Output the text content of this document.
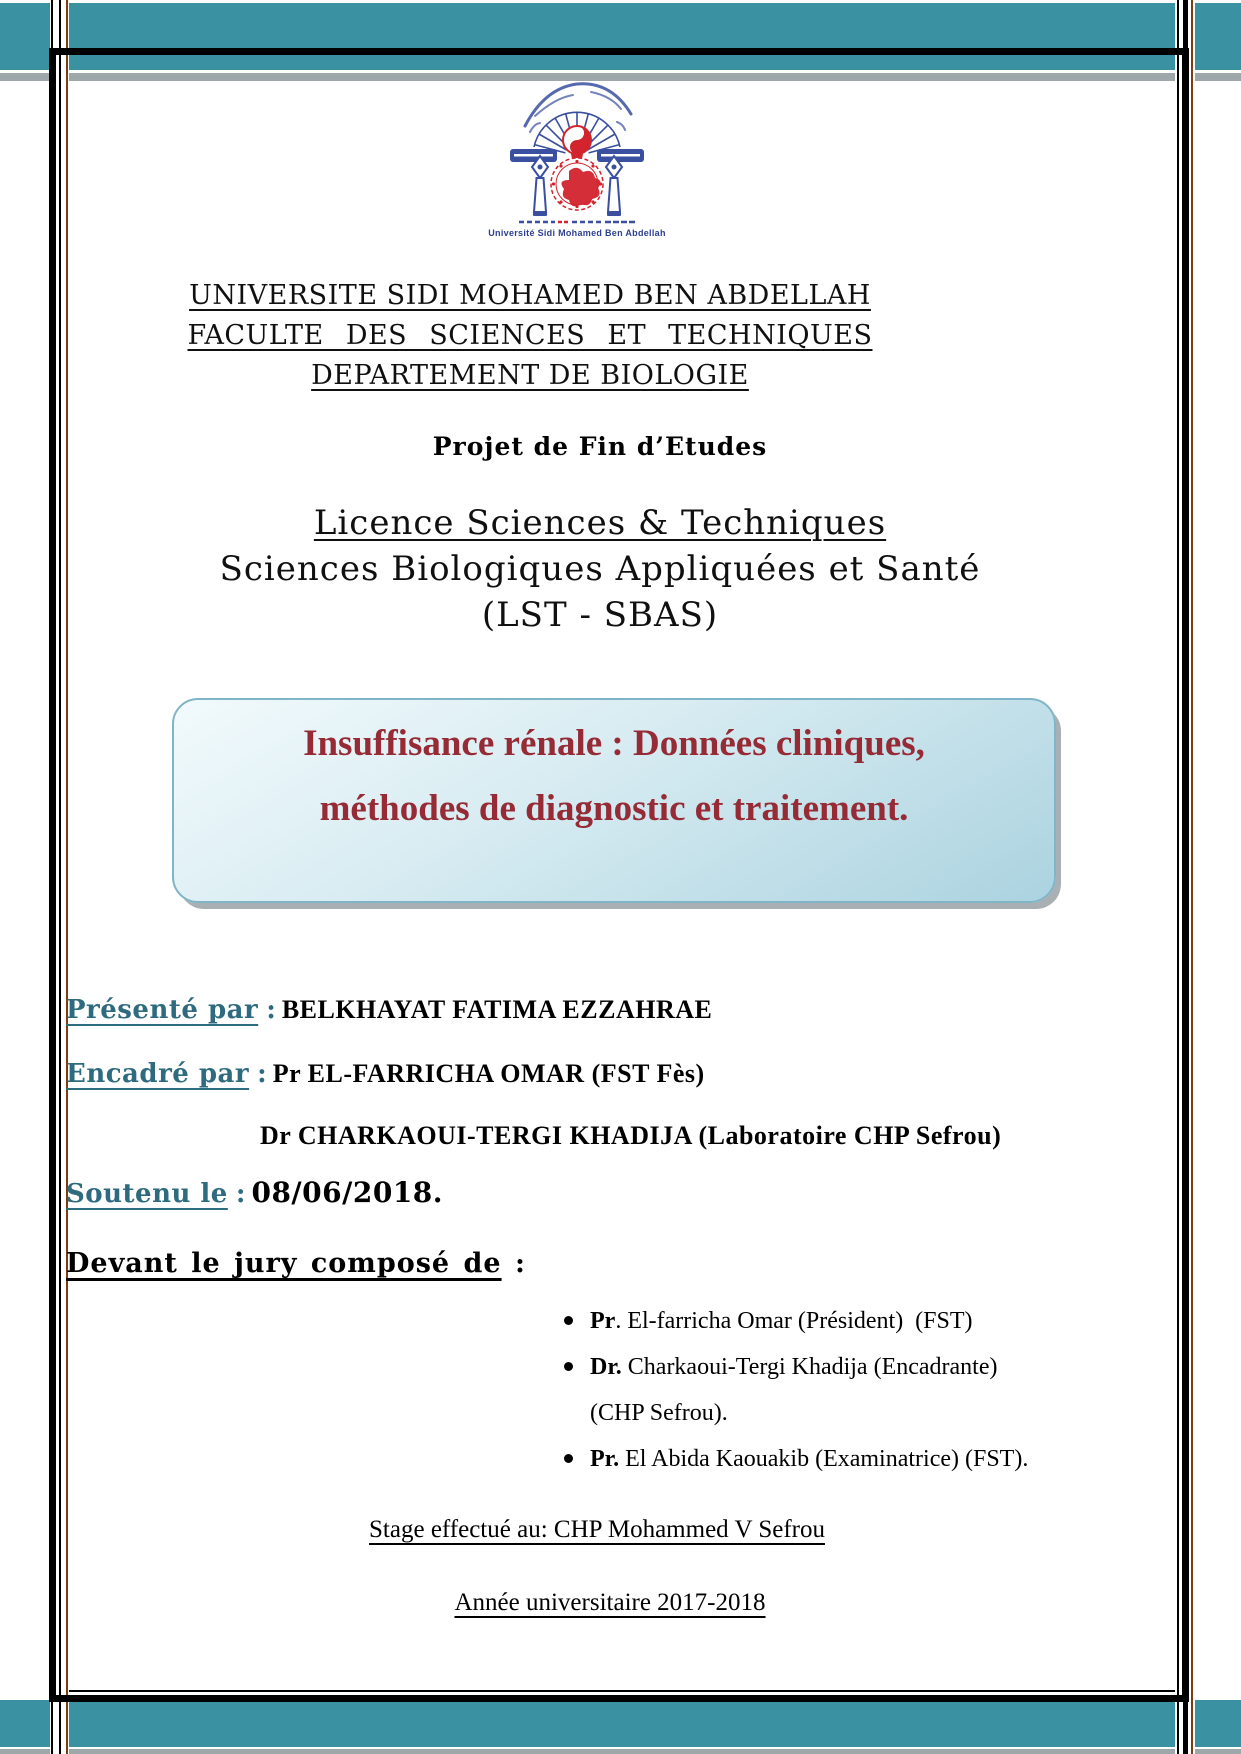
Université Sidi Mohamed Ben Abdellah
UNIVERSITE SIDI MOHAMED BEN ABDELLAH
FACULTE DES SCIENCES ET TECHNIQUES
DEPARTEMENT DE BIOLOGIE
Projet de Fin d’Etudes
Licence Sciences & Techniques
Sciences Biologiques Appliquées et Santé
(LST - SBAS)
Insuffisance rénale : Données cliniques,
méthodes de diagnostic et traitement.
Présenté par : BELKHAYAT FATIMA EZZAHRAE
Encadré par : Pr EL-FARRICHA OMAR (FST Fès)
Dr CHARKAOUI-TERGI KHADIJA (Laboratoire CHP Sefrou)
Soutenu le : 08/06/2018.
Devant le jury composé de :
Pr. El-farricha Omar (Président)  (FST)
Dr. Charkaoui-Tergi Khadija (Encadrante)
(CHP Sefrou).
Pr. El Abida Kaouakib (Examinatrice) (FST).
Stage effectué au: CHP Mohammed V Sefrou
Année universitaire 2017-2018
